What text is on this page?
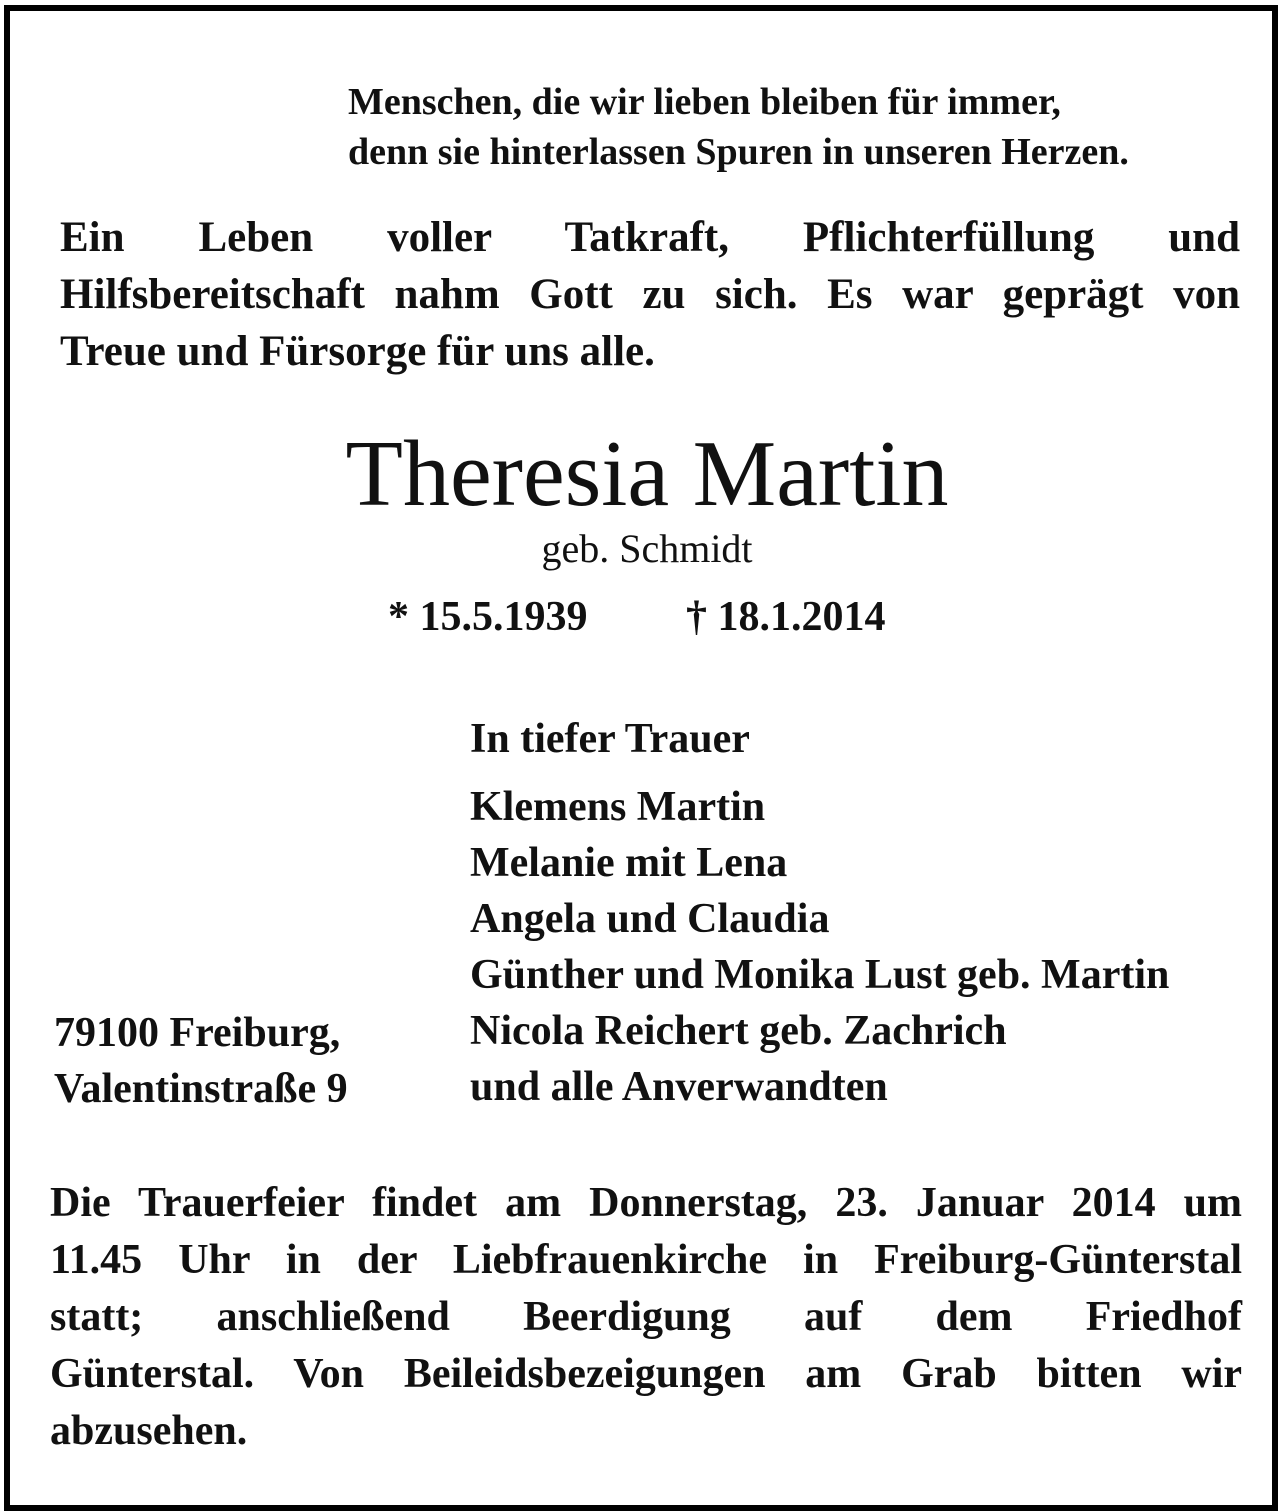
Menschen, die wir lieben bleiben für immer,
denn sie hinterlassen Spuren in unseren Herzen.
Ein Leben voller Tatkraft, Pflichterfüllung und
Hilfsbereitschaft nahm Gott zu sich. Es war geprägt von
Treue und Fürsorge für uns alle.
Theresia Martin
geb. Schmidt
* 15.5.1939 † 18.1.2014
In tiefer Trauer
Klemens Martin
Melanie mit Lena
Angela und Claudia
Günther und Monika Lust geb. Martin
Nicola Reichert geb. Zachrich
und alle Anverwandten
79100 Freiburg,
Valentinstraße 9
Die Trauerfeier findet am Donnerstag, 23. Januar 2014 um
11.45 Uhr in der Liebfrauenkirche in Freiburg-Günterstal
statt; anschließend Beerdigung auf dem Friedhof
Günterstal. Von Beileidsbezeigungen am Grab bitten wir
abzusehen.
